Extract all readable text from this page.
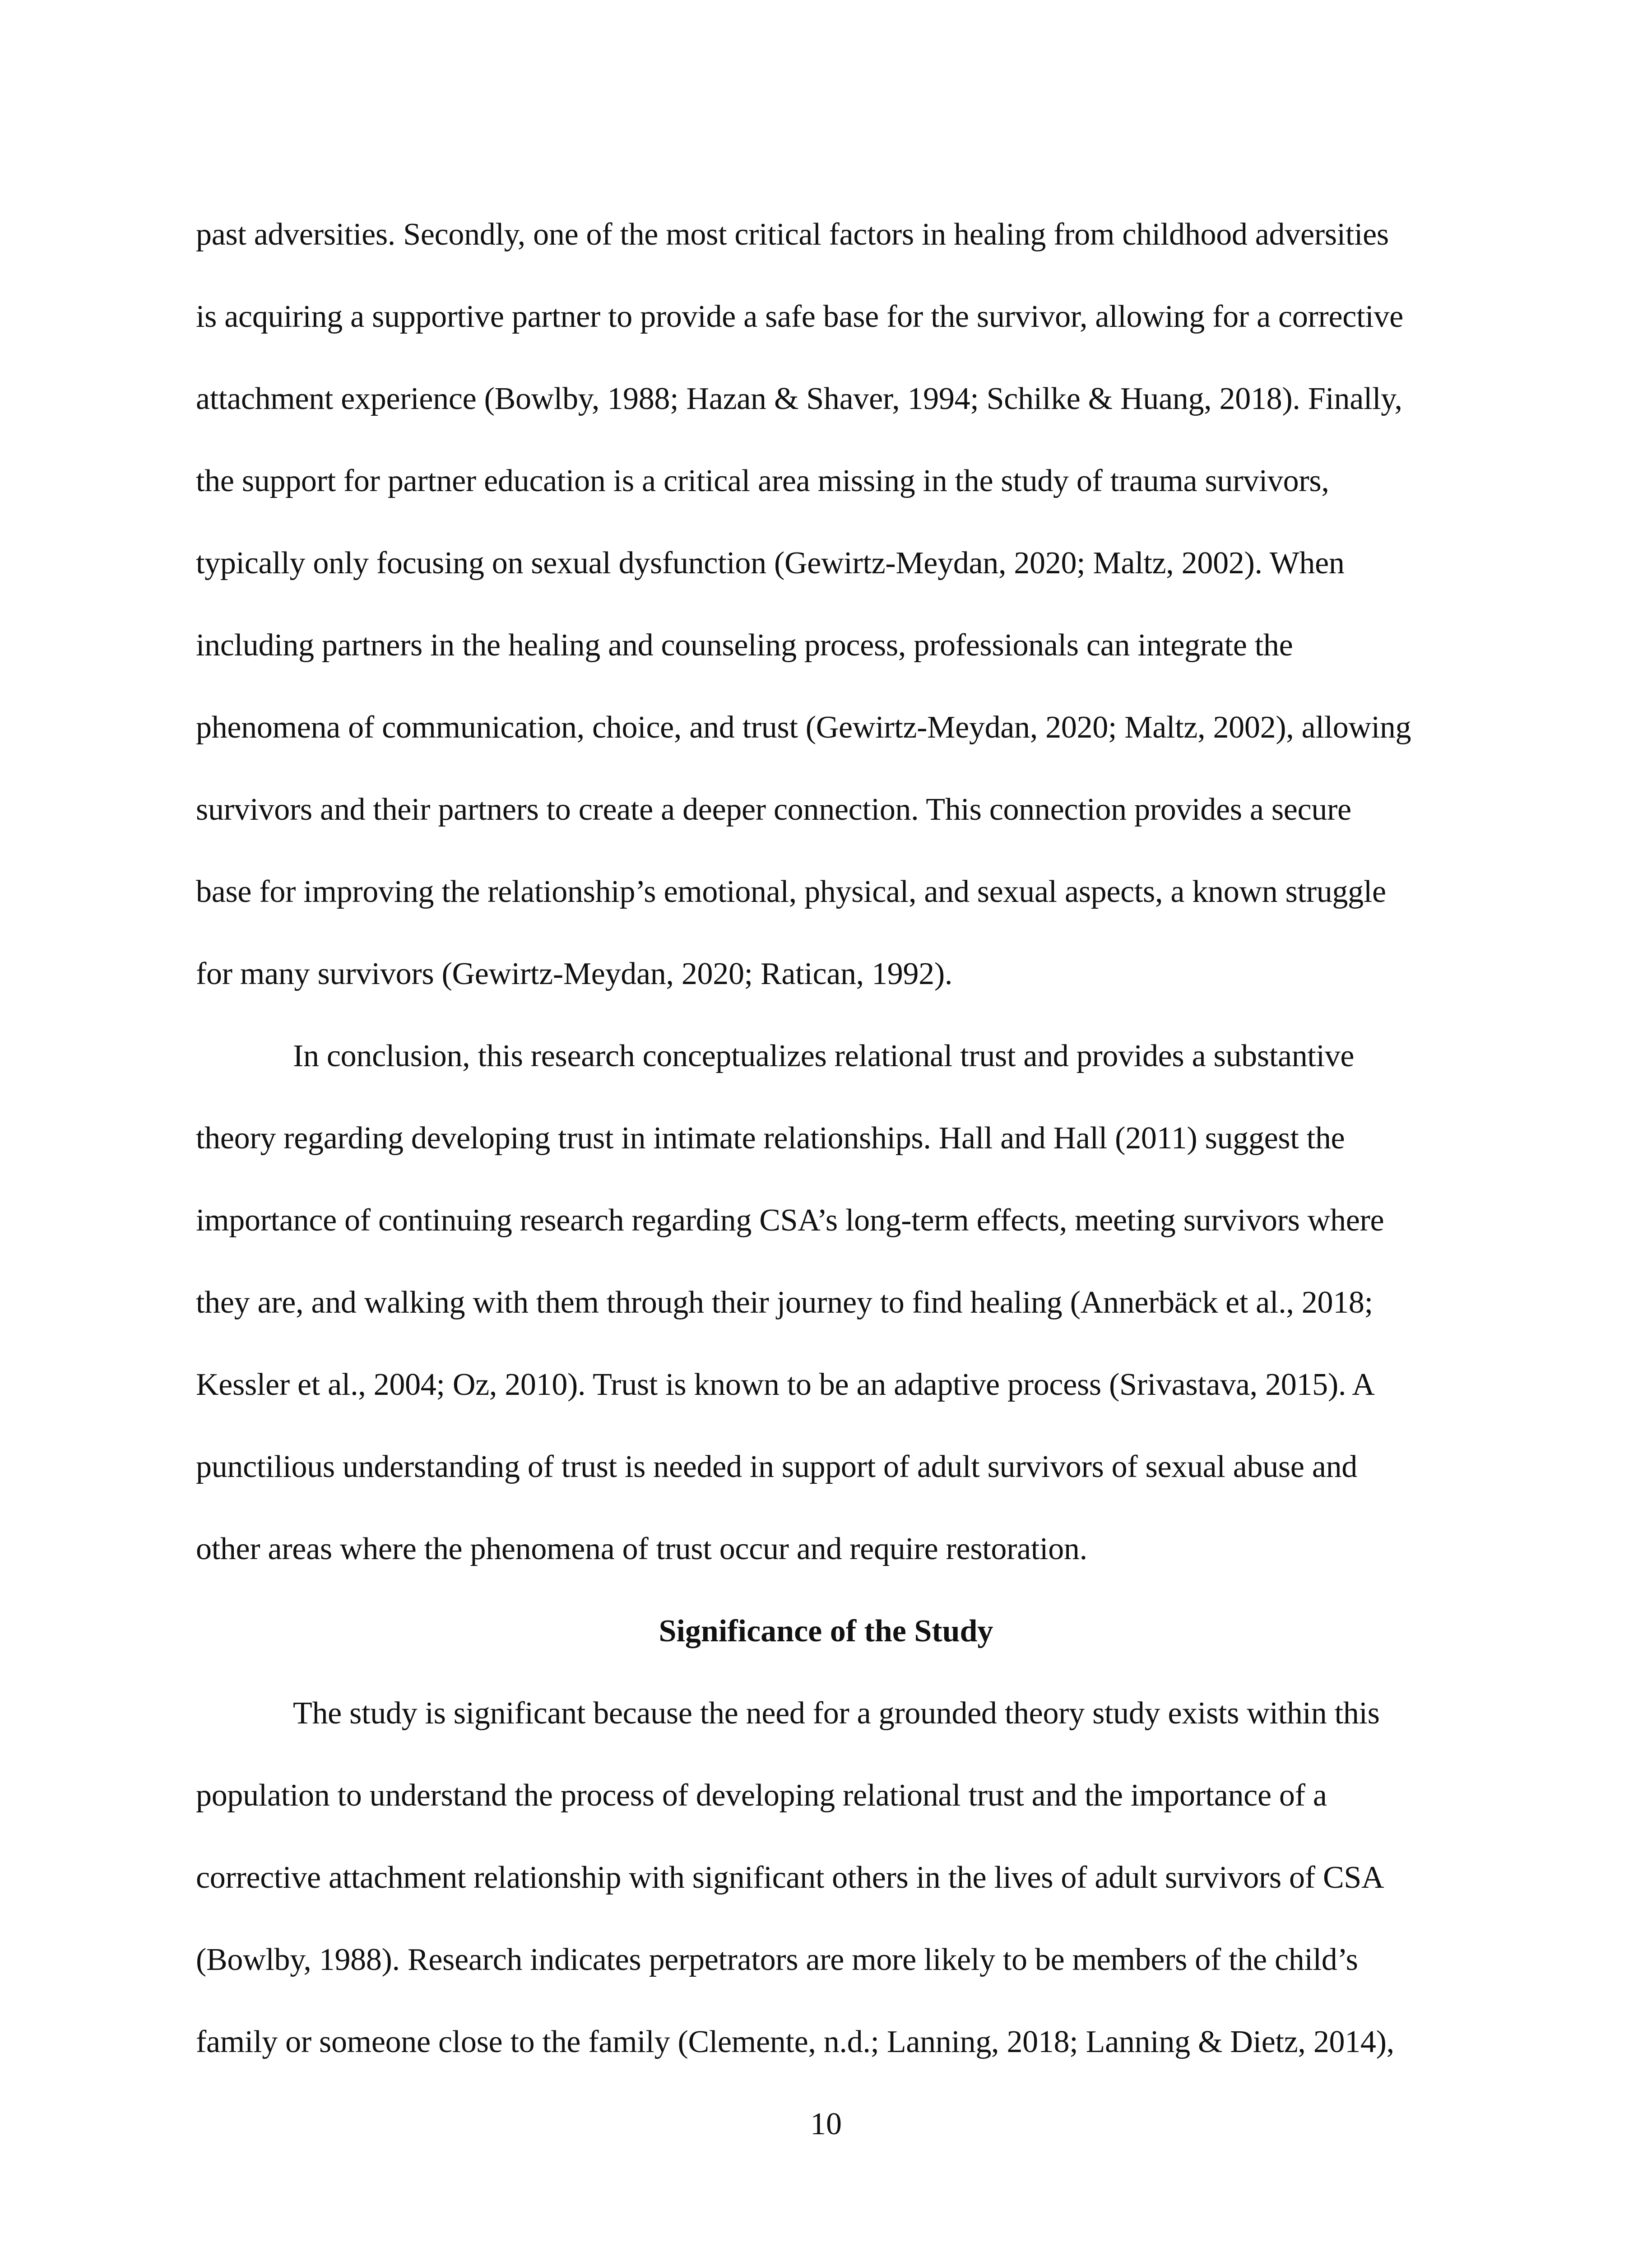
past adversities. Secondly, one of the most critical factors in healing from childhood adversities
is acquiring a supportive partner to provide a safe base for the survivor, allowing for a corrective
attachment experience (Bowlby, 1988; Hazan & Shaver, 1994; Schilke & Huang, 2018). Finally,
the support for partner education is a critical area missing in the study of trauma survivors,
typically only focusing on sexual dysfunction (Gewirtz-Meydan, 2020; Maltz, 2002). When
including partners in the healing and counseling process, professionals can integrate the
phenomena of communication, choice, and trust (Gewirtz-Meydan, 2020; Maltz, 2002), allowing
survivors and their partners to create a deeper connection. This connection provides a secure
base for improving the relationship’s emotional, physical, and sexual aspects, a known struggle
for many survivors (Gewirtz-Meydan, 2020; Ratican, 1992).
In conclusion, this research conceptualizes relational trust and provides a substantive
theory regarding developing trust in intimate relationships. Hall and Hall (2011) suggest the
importance of continuing research regarding CSA’s long-term effects, meeting survivors where
they are, and walking with them through their journey to find healing (Annerbäck et al., 2018;
Kessler et al., 2004; Oz, 2010). Trust is known to be an adaptive process (Srivastava, 2015). A
punctilious understanding of trust is needed in support of adult survivors of sexual abuse and
other areas where the phenomena of trust occur and require restoration.
Significance of the Study
The study is significant because the need for a grounded theory study exists within this
population to understand the process of developing relational trust and the importance of a
corrective attachment relationship with significant others in the lives of adult survivors of CSA
(Bowlby, 1988). Research indicates perpetrators are more likely to be members of the child’s
family or someone close to the family (Clemente, n.d.; Lanning, 2018; Lanning & Dietz, 2014),
10
